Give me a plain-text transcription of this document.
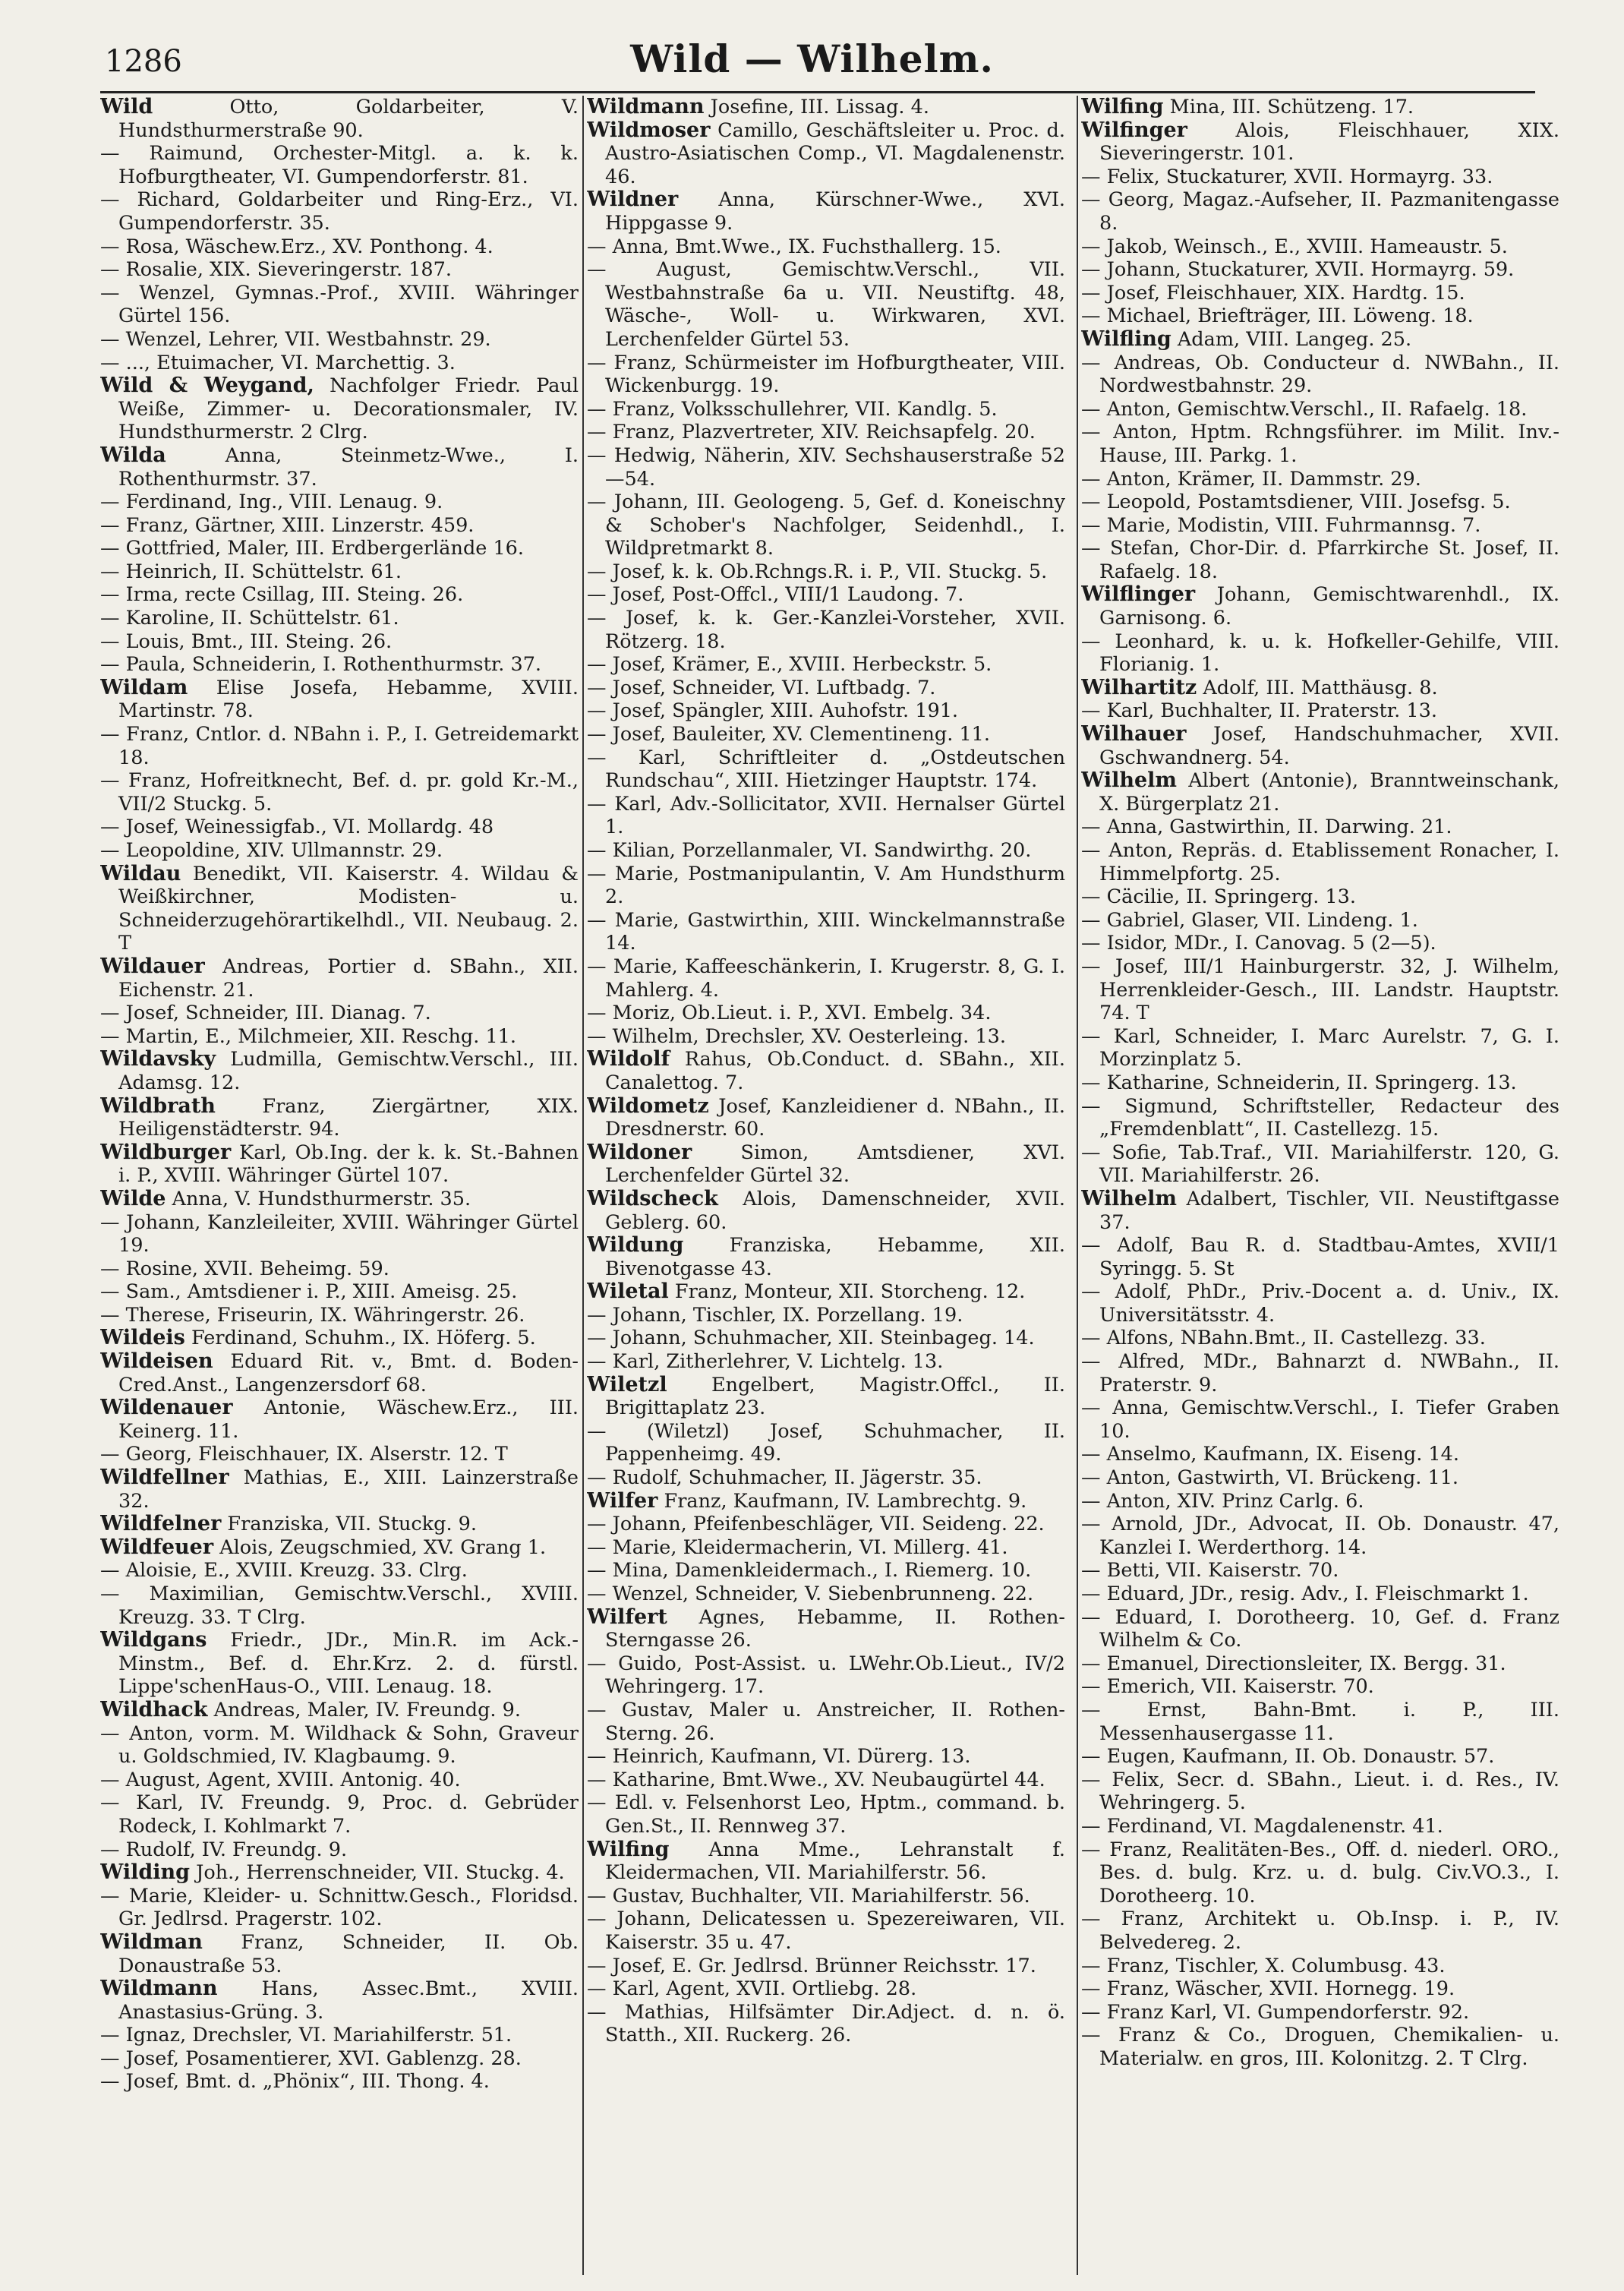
1286	Wild — Wilhelm.

Wild Otto, Goldarbeiter, V. Hundsthurmerstraße 90.

— Raimund, Orchester-Mitgl. a. k. k. Hofburgtheater, VI. Gumpendorferstr. 81.

— Richard, Goldarbeiter und Ring-Erz., VI. Gumpendorferstr. 35.

— Rosa, Wäschew.Erz., XV. Ponthong. 4.

— Rosalie, XIX. Sieveringerstr. 187.

— Wenzel, Gymnas.-Prof., XVIII. Währinger Gürtel 156.

— Wenzel, Lehrer, VII. Westbahnstr. 29.

— ..., Etuimacher, VI. Marchettig. 3.

Wild & Weygand, Nachfolger Friedr. Paul Weiße, Zimmer- u. Decorationsmaler, IV. Hundsthurmerstr. 2 Clrg.

Wilda Anna, Steinmetz-Wwe., I. Rothenthurmstr. 37.

— Ferdinand, Ing., VIII. Lenaug. 9.

— Franz, Gärtner, XIII. Linzerstr. 459.

— Gottfried, Maler, III. Erdbergerlände 16.

— Heinrich, II. Schüttelstr. 61.

— Irma, recte Csillag, III. Steing. 26.

— Karoline, II. Schüttelstr. 61.

— Louis, Bmt., III. Steing. 26.

— Paula, Schneiderin, I. Rothenthurmstr. 37.

Wildam Elise Josefa, Hebamme, XVIII. Martinstr. 78.

— Franz, Cntlor. d. NBahn i. P., I. Getreidemarkt 18.

— Franz, Hofreitknecht, Bef. d. pr. gold Kr.-M., VII/2 Stuckg. 5.

— Josef, Weinessigfab., VI. Mollardg. 48

— Leopoldine, XIV. Ullmannstr. 29.

Wildau Benedikt, VII. Kaiserstr. 4. Wildau & Weißkirchner, Modisten- u. Schneiderzugehörartikelhdl., VII. Neubaug. 2. T

Wildauer Andreas, Portier d. SBahn., XII. Eichenstr. 21.

— Josef, Schneider, III. Dianag. 7.

— Martin, E., Milchmeier, XII. Reschg. 11.

Wildavsky Ludmilla, Gemischtw.Verschl., III. Adamsg. 12.

Wildbrath Franz, Ziergärtner, XIX. Heiligenstädterstr. 94.

Wildburger Karl, Ob.Ing. der k. k. St.-Bahnen i. P., XVIII. Währinger Gürtel 107.

Wilde Anna, V. Hundsthurmerstr. 35.

— Johann, Kanzleileiter, XVIII. Währinger Gürtel 19.

— Rosine, XVII. Beheimg. 59.

— Sam., Amtsdiener i. P., XIII. Ameisg. 25.

— Therese, Friseurin, IX. Währingerstr. 26.

Wildeis Ferdinand, Schuhm., IX. Höferg. 5.

Wildeisen Eduard Rit. v., Bmt. d. Boden-Cred.Anst., Langenzersdorf 68.

Wildenauer Antonie, Wäschew.Erz., III. Keinerg. 11.

— Georg, Fleischhauer, IX. Alserstr. 12. T

Wildfellner Mathias, E., XIII. Lainzerstraße 32.

Wildfelner Franziska, VII. Stuckg. 9.

Wildfeuer Alois, Zeugschmied, XV. Grang 1.

— Aloisie, E., XVIII. Kreuzg. 33. Clrg.

— Maximilian, Gemischtw.Verschl., XVIII. Kreuzg. 33. T Clrg.

Wildgans Friedr., JDr., Min.R. im Ack.-Minstm., Bef. d. Ehr.Krz. 2. d. fürstl. Lippe'schenHaus-O., VIII. Lenaug. 18.

Wildhack Andreas, Maler, IV. Freundg. 9.

— Anton, vorm. M. Wildhack & Sohn, Graveur u. Goldschmied, IV. Klagbaumg. 9.

— August, Agent, XVIII. Antonig. 40.

— Karl, IV. Freundg. 9, Proc. d. Gebrüder Rodeck, I. Kohlmarkt 7.

— Rudolf, IV. Freundg. 9.

Wilding Joh., Herrenschneider, VII. Stuckg. 4.

— Marie, Kleider- u. Schnittw.Gesch., Floridsd. Gr. Jedlrsd. Pragerstr. 102.

Wildman Franz, Schneider, II. Ob. Donaustraße 53.

Wildmann Hans, Assec.Bmt., XVIII. Anastasius-Grüng. 3.

— Ignaz, Drechsler, VI. Mariahilferstr. 51.

— Josef, Posamentierer, XVI. Gablenzg. 28.

— Josef, Bmt. d. „Phönix“, III. Thong. 4.

Wildmann Josefine, III. Lissag. 4.

Wildmoser Camillo, Geschäftsleiter u. Proc. d. Austro-Asiatischen Comp., VI. Magdalenenstr. 46.

Wildner Anna, Kürschner-Wwe., XVI. Hippgasse 9.

— Anna, Bmt.Wwe., IX. Fuchsthallerg. 15.

— August, Gemischtw.Verschl., VII. Westbahnstraße 6a u. VII. Neustiftg. 48, Wäsche-, Woll- u. Wirkwaren, XVI. Lerchenfelder Gürtel 53.

— Franz, Schürmeister im Hofburgtheater, VIII. Wickenburgg. 19.

— Franz, Volksschullehrer, VII. Kandlg. 5.

— Franz, Plazvertreter, XIV. Reichsapfelg. 20.

— Hedwig, Näherin, XIV. Sechshauserstraße 52—54.

— Johann, III. Geologeng. 5, Gef. d. Koneischny & Schober's Nachfolger, Seidenhdl., I. Wildpretmarkt 8.

— Josef, k. k. Ob.Rchngs.R. i. P., VII. Stuckg. 5.

— Josef, Post-Offcl., VIII/1 Laudong. 7.

— Josef, k. k. Ger.-Kanzlei-Vorsteher, XVII. Rötzerg. 18.

— Josef, Krämer, E., XVIII. Herbeckstr. 5.

— Josef, Schneider, VI. Luftbadg. 7.

— Josef, Spängler, XIII. Auhofstr. 191.

— Josef, Bauleiter, XV. Clementineng. 11.

— Karl, Schriftleiter d. „Ostdeutschen Rundschau“, XIII. Hietzinger Hauptstr. 174.

— Karl, Adv.-Sollicitator, XVII. Hernalser Gürtel 1.

— Kilian, Porzellanmaler, VI. Sandwirthg. 20.

— Marie, Postmanipulantin, V. Am Hundsthurm 2.

— Marie, Gastwirthin, XIII. Winckelmannstraße 14.

— Marie, Kaffeeschänkerin, I. Krugerstr. 8, G. I. Mahlerg. 4.

— Moriz, Ob.Lieut. i. P., XVI. Embelg. 34.

— Wilhelm, Drechsler, XV. Oesterleing. 13.

Wildolf Rahus, Ob.Conduct. d. SBahn., XII. Canalettog. 7.

Wildometz Josef, Kanzleidiener d. NBahn., II. Dresdnerstr. 60.

Wildoner Simon, Amtsdiener, XVI. Lerchenfelder Gürtel 32.

Wildscheck Alois, Damenschneider, XVII. Geblerg. 60.

Wildung Franziska, Hebamme, XII. Bivenotgasse 43.

Wiletal Franz, Monteur, XII. Storcheng. 12.

— Johann, Tischler, IX. Porzellang. 19.

— Johann, Schuhmacher, XII. Steinbageg. 14.

— Karl, Zitherlehrer, V. Lichtelg. 13.

Wiletzl Engelbert, Magistr.Offcl., II. Brigittaplatz 23.

— (Wiletzl) Josef, Schuhmacher, II. Pappenheimg. 49.

— Rudolf, Schuhmacher, II. Jägerstr. 35.

Wilfer Franz, Kaufmann, IV. Lambrechtg. 9.

— Johann, Pfeifenbeschläger, VII. Seideng. 22.

— Marie, Kleidermacherin, VI. Millerg. 41.

— Mina, Damenkleidermach., I. Riemerg. 10.

— Wenzel, Schneider, V. Siebenbrunneng. 22.

Wilfert Agnes, Hebamme, II. Rothen-Sterngasse 26.

— Guido, Post-Assist. u. LWehr.Ob.Lieut., IV/2 Wehringerg. 17.

— Gustav, Maler u. Anstreicher, II. Rothen-Sterng. 26.

— Heinrich, Kaufmann, VI. Dürerg. 13.

— Katharine, Bmt.Wwe., XV. Neubaugürtel 44.

— Edl. v. Felsenhorst Leo, Hptm., command. b. Gen.St., II. Rennweg 37.

Wilfing Anna Mme., Lehranstalt f. Kleidermachen, VII. Mariahilferstr. 56.

— Gustav, Buchhalter, VII. Mariahilferstr. 56.

— Johann, Delicatessen u. Spezereiwaren, VII. Kaiserstr. 35 u. 47.

— Josef, E. Gr. Jedlrsd. Brünner Reichsstr. 17.

— Karl, Agent, XVII. Ortliebg. 28.

— Mathias, Hilfsämter Dir.Adject. d. n. ö. Statth., XII. Ruckerg. 26.

Wilfing Mina, III. Schützeng. 17.

Wilfinger Alois, Fleischhauer, XIX. Sieveringerstr. 101.

— Felix, Stuckaturer, XVII. Hormayrg. 33.

— Georg, Magaz.-Aufseher, II. Pazmanitengasse 8.

— Jakob, Weinsch., E., XVIII. Hameaustr. 5.

— Johann, Stuckaturer, XVII. Hormayrg. 59.

— Josef, Fleischhauer, XIX. Hardtg. 15.

— Michael, Briefträger, III. Löweng. 18.

Wilfling Adam, VIII. Langeg. 25.

— Andreas, Ob. Conducteur d. NWBahn., II. Nordwestbahnstr. 29.

— Anton, Gemischtw.Verschl., II. Rafaelg. 18.

— Anton, Hptm. Rchngsführer. im Milit. Inv.-Hause, III. Parkg. 1.

— Anton, Krämer, II. Dammstr. 29.

— Leopold, Postamtsdiener, VIII. Josefsg. 5.

— Marie, Modistin, VIII. Fuhrmannsg. 7.

— Stefan, Chor-Dir. d. Pfarrkirche St. Josef, II. Rafaelg. 18.

Wilflinger Johann, Gemischtwarenhdl., IX. Garnisong. 6.

— Leonhard, k. u. k. Hofkeller-Gehilfe, VIII. Florianig. 1.

Wilhartitz Adolf, III. Matthäusg. 8.

— Karl, Buchhalter, II. Praterstr. 13.

Wilhauer Josef, Handschuhmacher, XVII. Gschwandnerg. 54.

Wilhelm Albert (Antonie), Branntweinschank, X. Bürgerplatz 21.

— Anna, Gastwirthin, II. Darwing. 21.

— Anton, Repräs. d. Etablissement Ronacher, I. Himmelpfortg. 25.

— Cäcilie, II. Springerg. 13.

— Gabriel, Glaser, VII. Lindeng. 1.

— Isidor, MDr., I. Canovag. 5 (2—5).

— Josef, III/1 Hainburgerstr. 32, J. Wilhelm, Herrenkleider-Gesch., III. Landstr. Hauptstr. 74. T

— Karl, Schneider, I. Marc Aurelstr. 7, G. I. Morzinplatz 5.

— Katharine, Schneiderin, II. Springerg. 13.

— Sigmund, Schriftsteller, Redacteur des „Fremdenblatt“, II. Castellezg. 15.

— Sofie, Tab.Traf., VII. Mariahilferstr. 120, G. VII. Mariahilferstr. 26.

Wilhelm Adalbert, Tischler, VII. Neustiftgasse 37.

— Adolf, Bau R. d. Stadtbau-Amtes, XVII/1 Syringg. 5. St

— Adolf, PhDr., Priv.-Docent a. d. Univ., IX. Universitätsstr. 4.

— Alfons, NBahn.Bmt., II. Castellezg. 33.

— Alfred, MDr., Bahnarzt d. NWBahn., II. Praterstr. 9.

— Anna, Gemischtw.Verschl., I. Tiefer Graben 10.

— Anselmo, Kaufmann, IX. Eiseng. 14.

— Anton, Gastwirth, VI. Brückeng. 11.

— Anton, XIV. Prinz Carlg. 6.

— Arnold, JDr., Advocat, II. Ob. Donaustr. 47, Kanzlei I. Werderthorg. 14.

— Betti, VII. Kaiserstr. 70.

— Eduard, JDr., resig. Adv., I. Fleischmarkt 1.

— Eduard, I. Dorotheerg. 10, Gef. d. Franz Wilhelm & Co.

— Emanuel, Directionsleiter, IX. Bergg. 31.

— Emerich, VII. Kaiserstr. 70.

— Ernst, Bahn-Bmt. i. P., III. Messenhausergasse 11.

— Eugen, Kaufmann, II. Ob. Donaustr. 57.

— Felix, Secr. d. SBahn., Lieut. i. d. Res., IV. Wehringerg. 5.

— Ferdinand, VI. Magdalenenstr. 41.

— Franz, Realitäten-Bes., Off. d. niederl. ORO., Bes. d. bulg. Krz. u. d. bulg. Civ.VO.3., I. Dorotheerg. 10.

— Franz, Architekt u. Ob.Insp. i. P., IV. Belvedereg. 2.

— Franz, Tischler, X. Columbusg. 43.

— Franz, Wäscher, XVII. Hornegg. 19.

— Franz Karl, VI. Gumpendorferstr. 92.

— Franz & Co., Droguen, Chemikalien- u. Materialw. en gros, III. Kolonitzg. 2. T Clrg.
